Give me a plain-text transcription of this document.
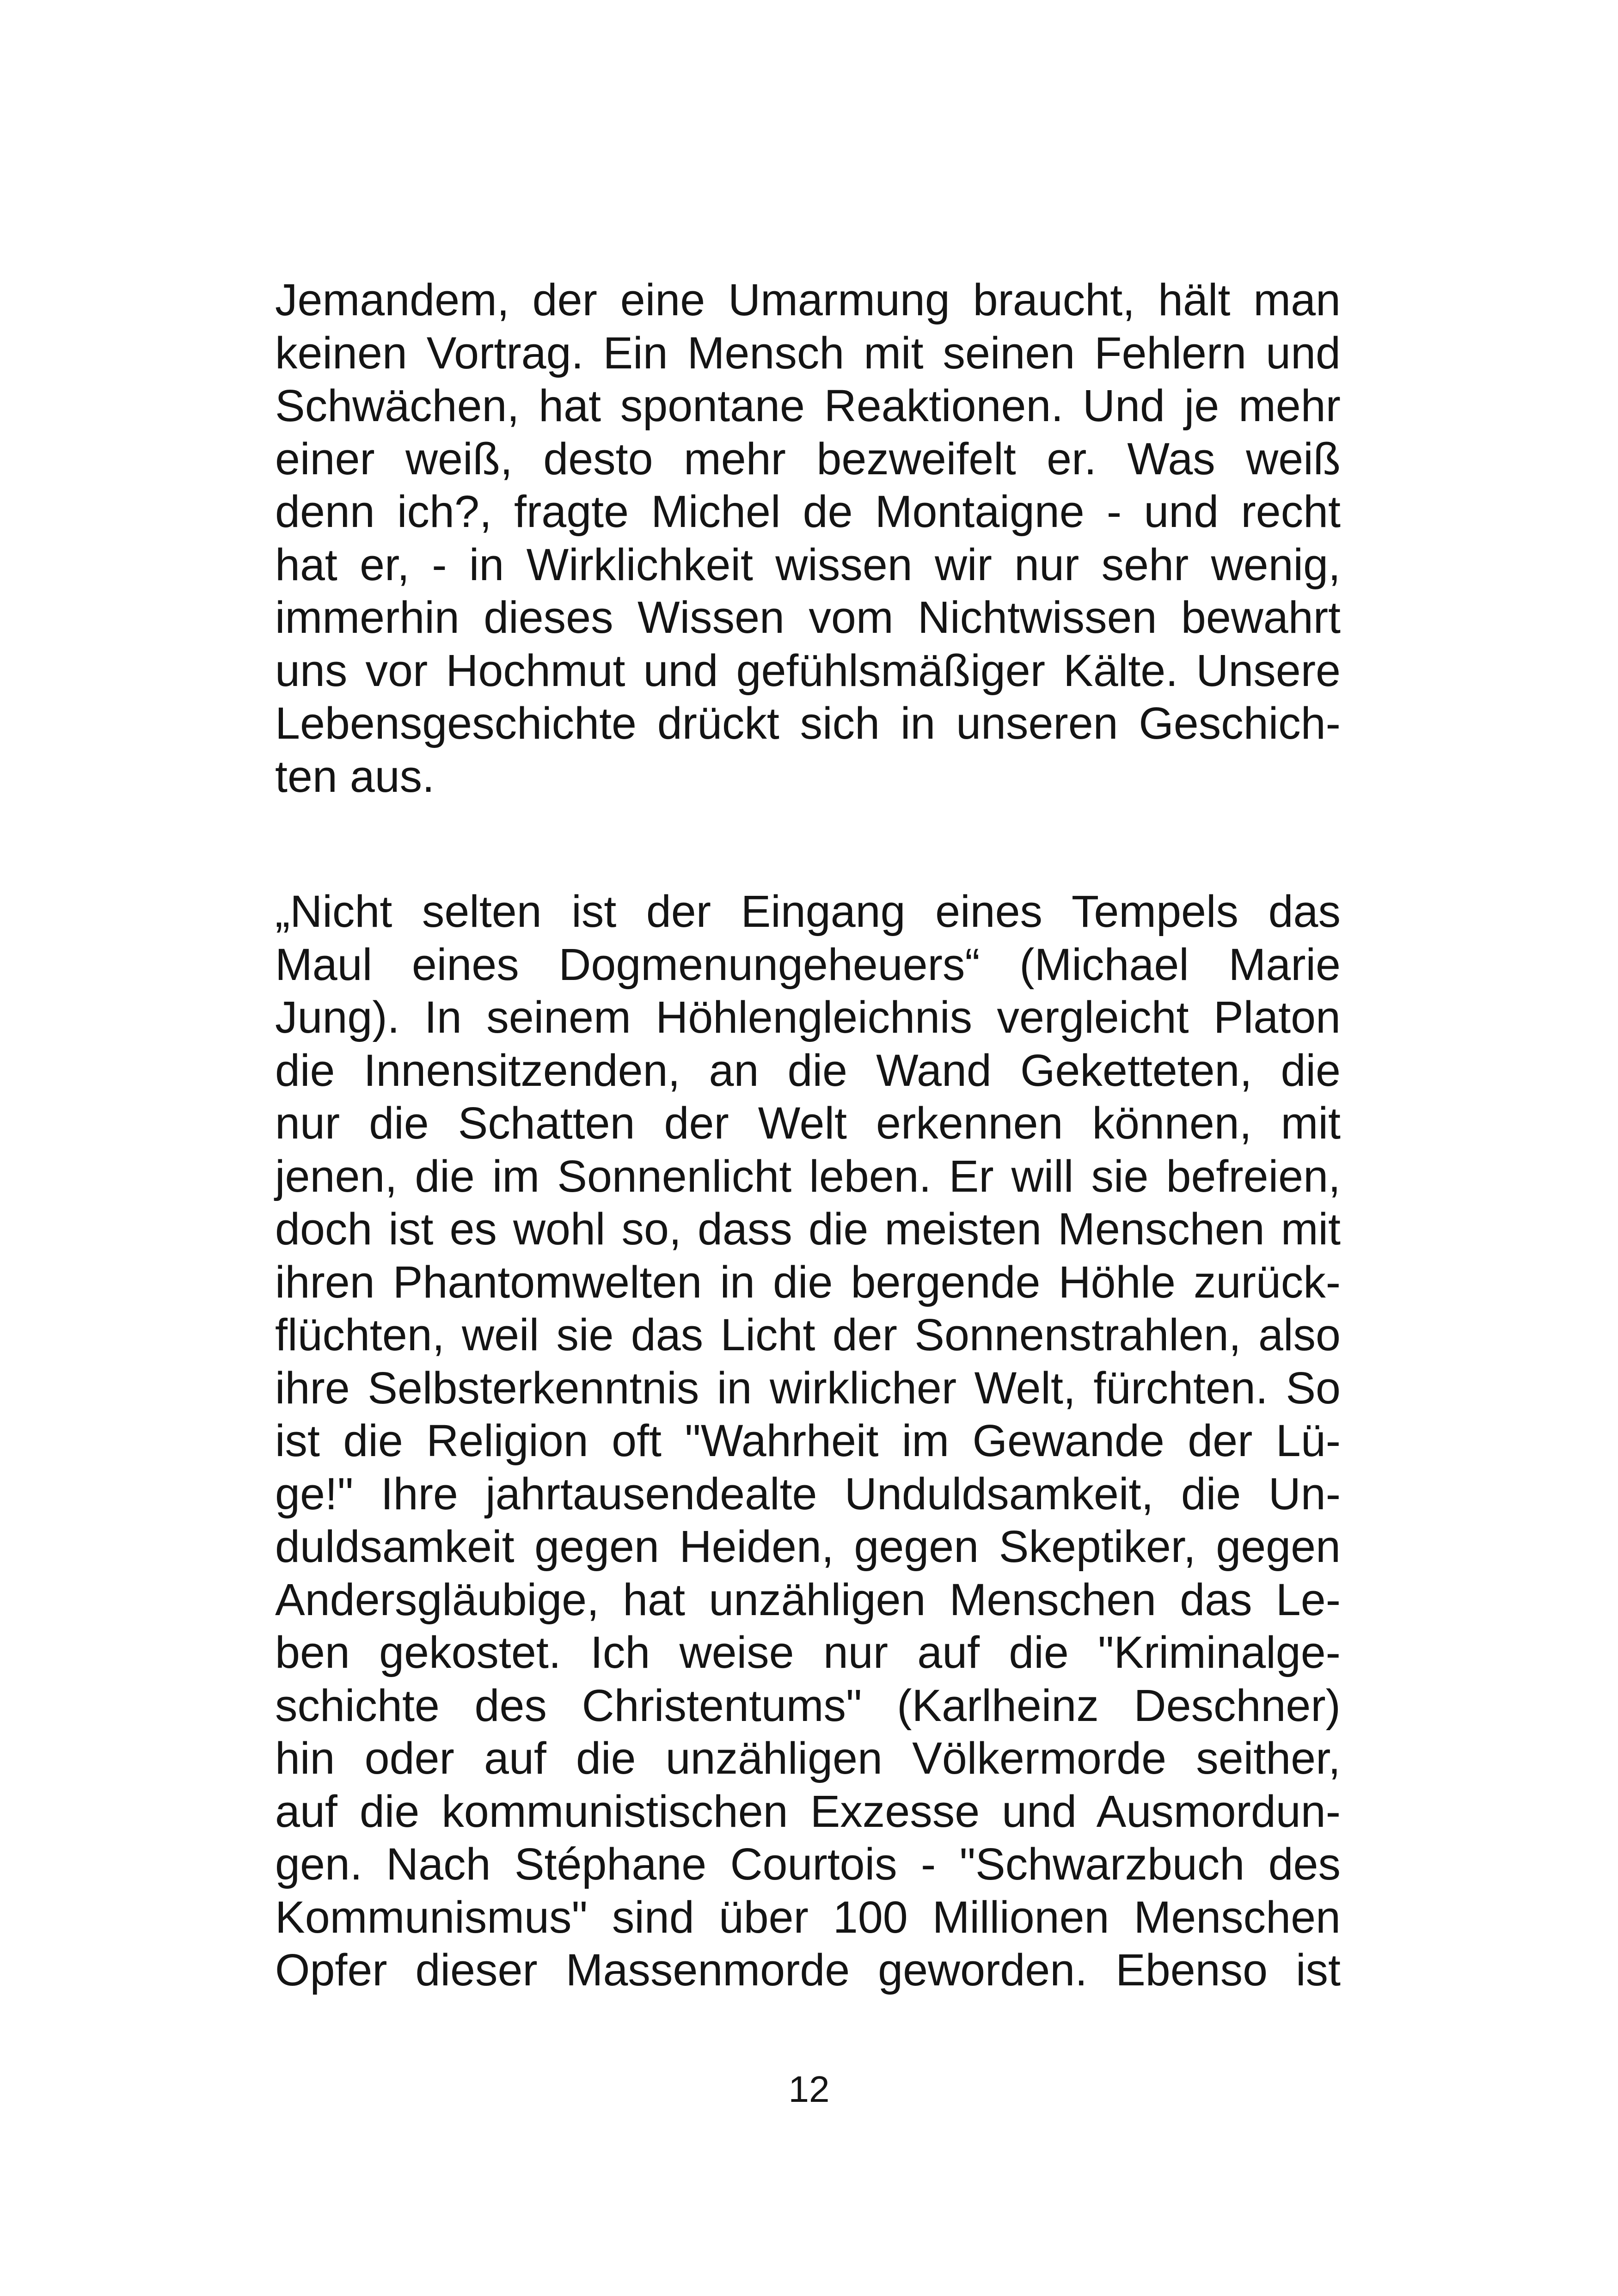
Jemandem, der eine Umarmung braucht, hält man
keinen Vortrag. Ein Mensch mit seinen Fehlern und
Schwächen, hat spontane Reaktionen. Und je mehr
einer weiß, desto mehr bezweifelt er. Was weiß
denn ich?, fragte Michel de Montaigne - und recht
hat er, - in Wirklichkeit wissen wir nur sehr wenig,
immerhin dieses Wissen vom Nichtwissen bewahrt
uns vor Hochmut und gefühlsmäßiger Kälte. Unsere
Lebensgeschichte drückt sich in unseren Geschich-
ten aus.
„Nicht selten ist der Eingang eines Tempels das
Maul eines Dogmenungeheuers“ (Michael Marie
Jung). In seinem Höhlengleichnis vergleicht Platon
die Innensitzenden, an die Wand Geketteten, die
nur die Schatten der Welt erkennen können, mit
jenen, die im Sonnenlicht leben. Er will sie befreien,
doch ist es wohl so, dass die meisten Menschen mit
ihren Phantomwelten in die bergende Höhle zurück-
flüchten, weil sie das Licht der Sonnenstrahlen, also
ihre Selbsterkenntnis in wirklicher Welt, fürchten. So
ist die Religion oft "Wahrheit im Gewande der Lü-
ge!" Ihre jahrtausendealte Unduldsamkeit, die Un-
duldsamkeit gegen Heiden, gegen Skeptiker, gegen
Andersgläubige, hat unzähligen Menschen das Le-
ben gekostet. Ich weise nur auf die "Kriminalge-
schichte des Christentums" (Karlheinz Deschner)
hin oder auf die unzähligen Völkermorde seither,
auf die kommunistischen Exzesse und Ausmordun-
gen. Nach Stéphane Courtois - "Schwarzbuch des
Kommunismus" sind über 100 Millionen Menschen
Opfer dieser Massenmorde geworden. Ebenso ist
12
